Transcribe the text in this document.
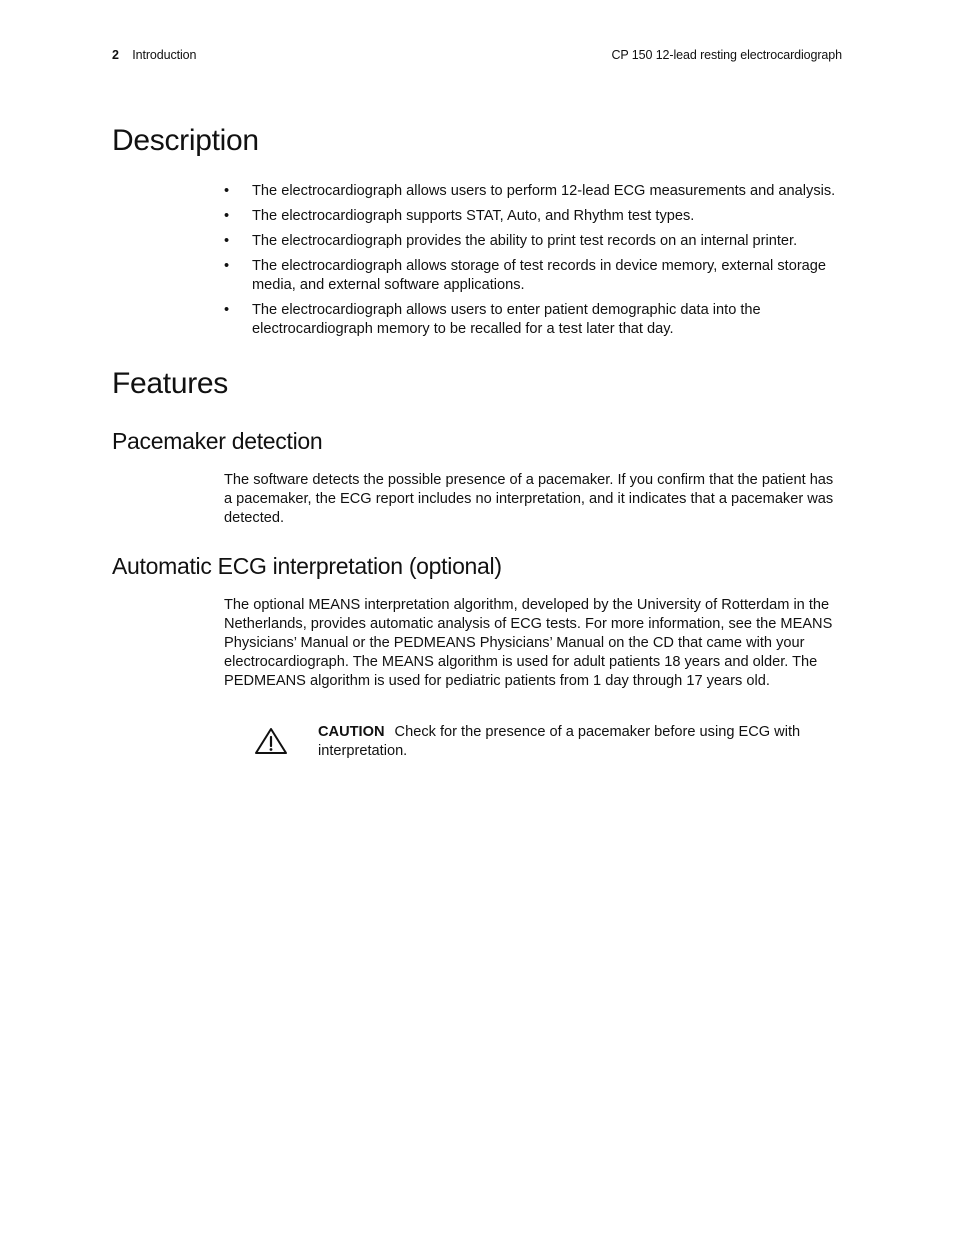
2 Introduction	CP 150 12-lead resting electrocardiograph
Description
• The electrocardiograph allows users to perform 12-lead ECG measurements and analysis.
• The electrocardiograph supports STAT, Auto, and Rhythm test types.
• The electrocardiograph provides the ability to print test records on an internal printer.
• The electrocardiograph allows storage of test records in device memory, external storage media, and external software applications.
• The electrocardiograph allows users to enter patient demographic data into the electrocardiograph memory to be recalled for a test later that day.
Features
Pacemaker detection

The software detects the possible presence of a pacemaker. If you confirm that the patient has a pacemaker, the ECG report includes no interpretation, and it indicates that a pacemaker was detected.

Automatic ECG interpretation (optional)

The optional MEANS interpretation algorithm, developed by the University of Rotterdam in the Netherlands, provides automatic analysis of ECG tests. For more information, see the MEANS Physicians’ Manual or the PEDMEANS Physicians’ Manual on the CD that came with your electrocardiograph. The MEANS algorithm is used for adult patients 18 years and older. The PEDMEANS algorithm is used for pediatric patients from 1 day through 17 years old.

CAUTION Check for the presence of a pacemaker before using ECG with interpretation.
